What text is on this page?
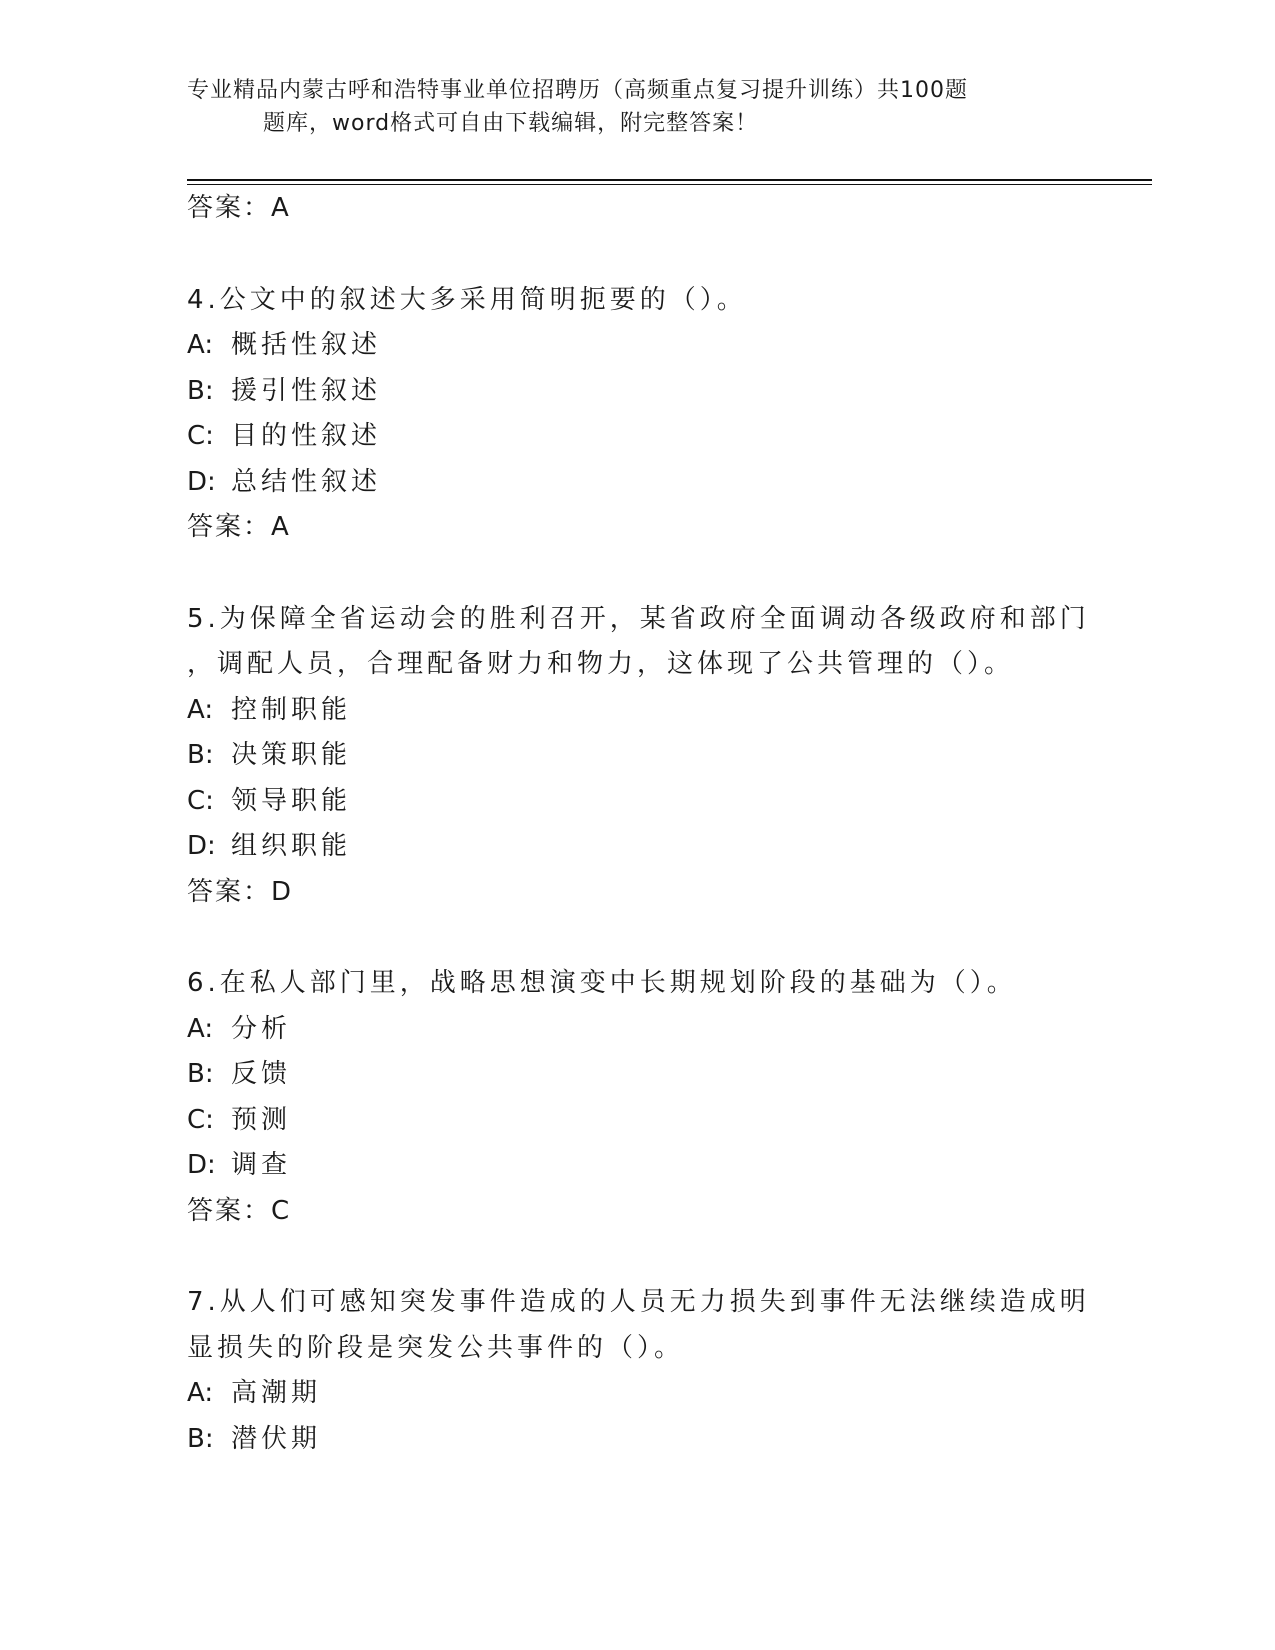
专业精品内蒙古呼和浩特事业单位招聘历（高频重点复习提升训练）共100题
题库，word格式可自由下载编辑，附完整答案！
答案：A
4.公文中的叙述大多采用简明扼要的（）。
A: 概括性叙述
B: 援引性叙述
C: 目的性叙述
D: 总结性叙述
答案：A
5.为保障全省运动会的胜利召开，某省政府全面调动各级政府和部门
，调配人员，合理配备财力和物力，这体现了公共管理的（）。
A: 控制职能
B: 决策职能
C: 领导职能
D: 组织职能
答案：D
6.在私人部门里，战略思想演变中长期规划阶段的基础为（）。
A: 分析
B: 反馈
C: 预测
D: 调查
答案：C
7.从人们可感知突发事件造成的人员无力损失到事件无法继续造成明
显损失的阶段是突发公共事件的（）。
A: 高潮期
B: 潜伏期
